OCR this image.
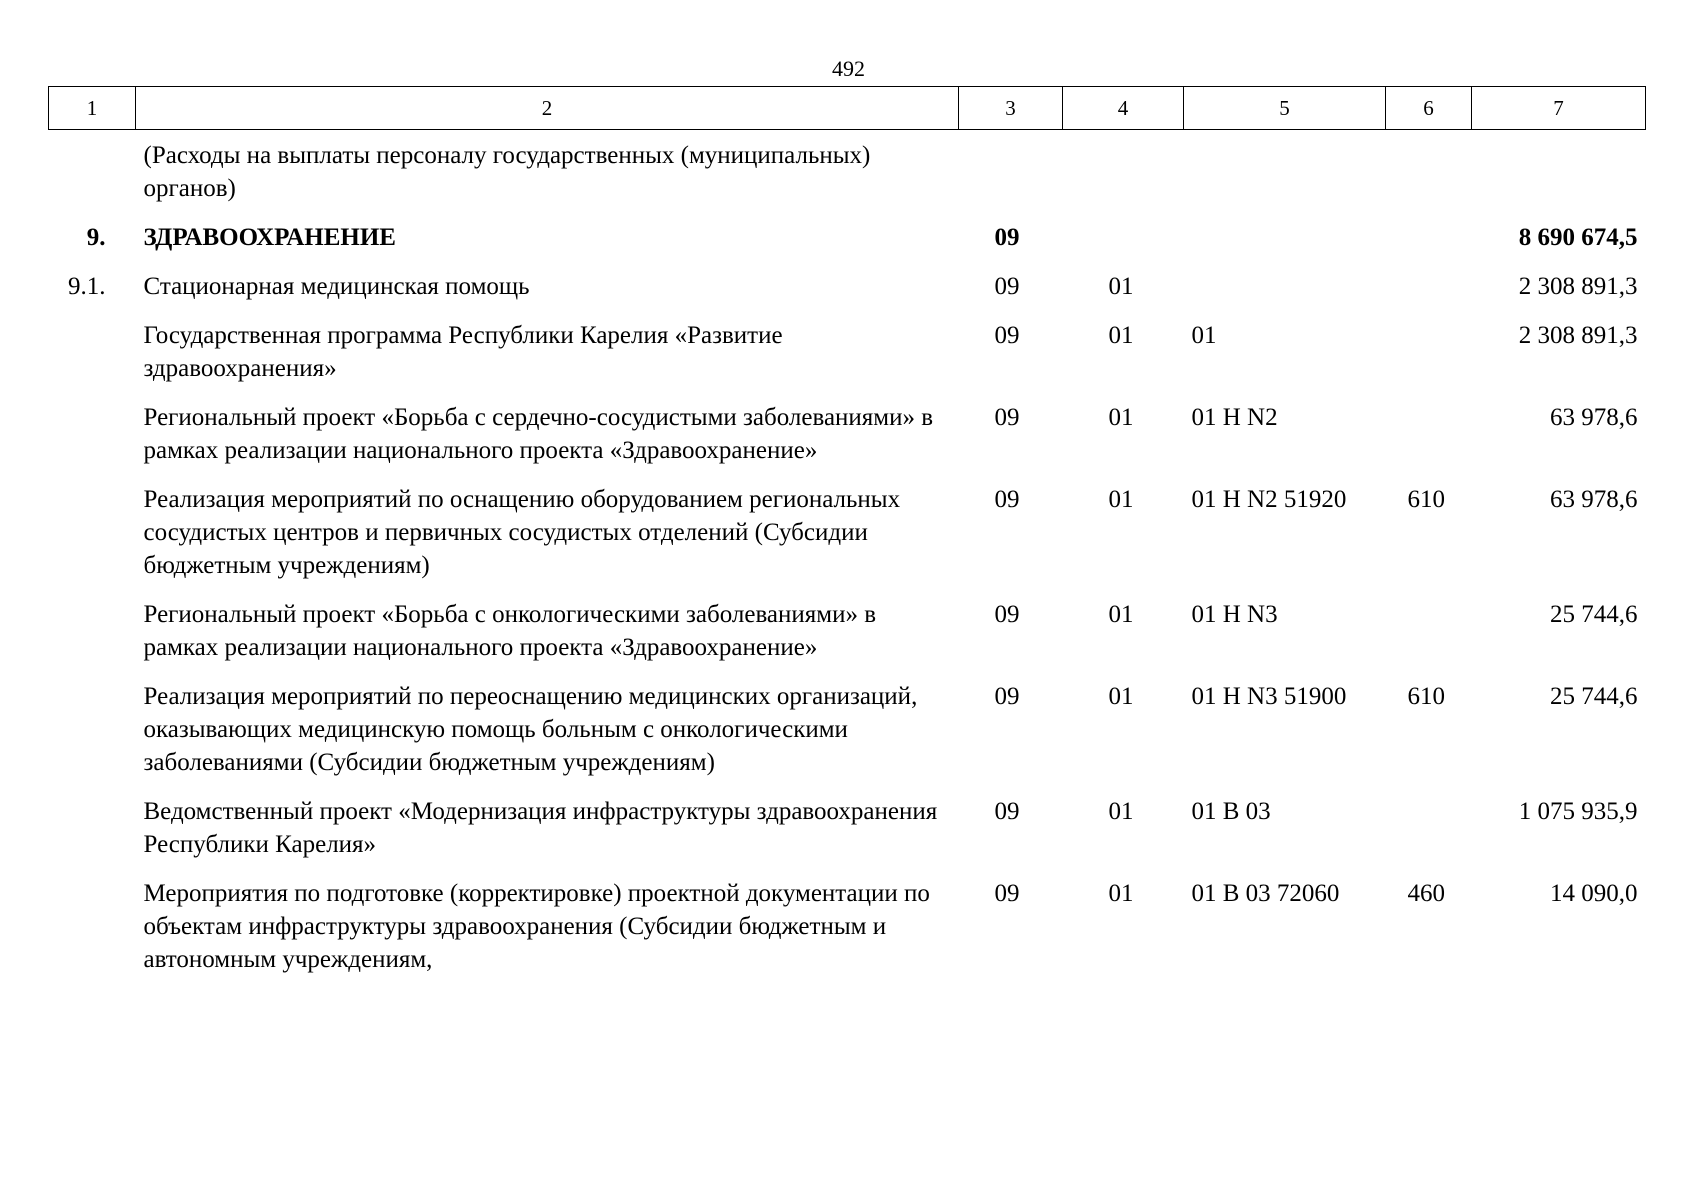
492
1	2	3	4	5	6	7
	(Расходы на выплаты персоналу государственных (муниципальных) органов)					
9.	ЗДРАВООХРАНЕНИЕ	09				8 690 674,5
9.1.	Стационарная медицинская помощь	09	01			2 308 891,3
	Государственная программа Республики Карелия «Развитие здравоохранения»	09	01	01		2 308 891,3
	Региональный проект «Борьба с сердечно-сосудистыми заболеваниями» в рамках реализации национального проекта «Здравоохранение»	09	01	01 Н N2		63 978,6
	Реализация мероприятий по оснащению оборудованием региональных сосудистых центров и первичных сосудистых отделений (Субсидии бюджетным учреждениям)	09	01	01 Н N2 51920	610	63 978,6
	Региональный проект «Борьба с онкологическими заболеваниями» в рамках реализации национального проекта «Здравоохранение»	09	01	01 Н N3		25 744,6
	Реализация мероприятий по переоснащению медицинских организаций, оказывающих медицинскую помощь больным с онкологическими заболеваниями (Субсидии бюджетным учреждениям)	09	01	01 Н N3 51900	610	25 744,6
	Ведомственный проект «Модернизация инфраструктуры здравоохранения Республики Карелия»	09	01	01 В 03		1 075 935,9
	Мероприятия по подготовке (корректировке) проектной документации по объектам инфраструктуры здравоохранения (Субсидии бюджетным и автономным учреждениям,	09	01	01 В 03 72060	460	14 090,0
